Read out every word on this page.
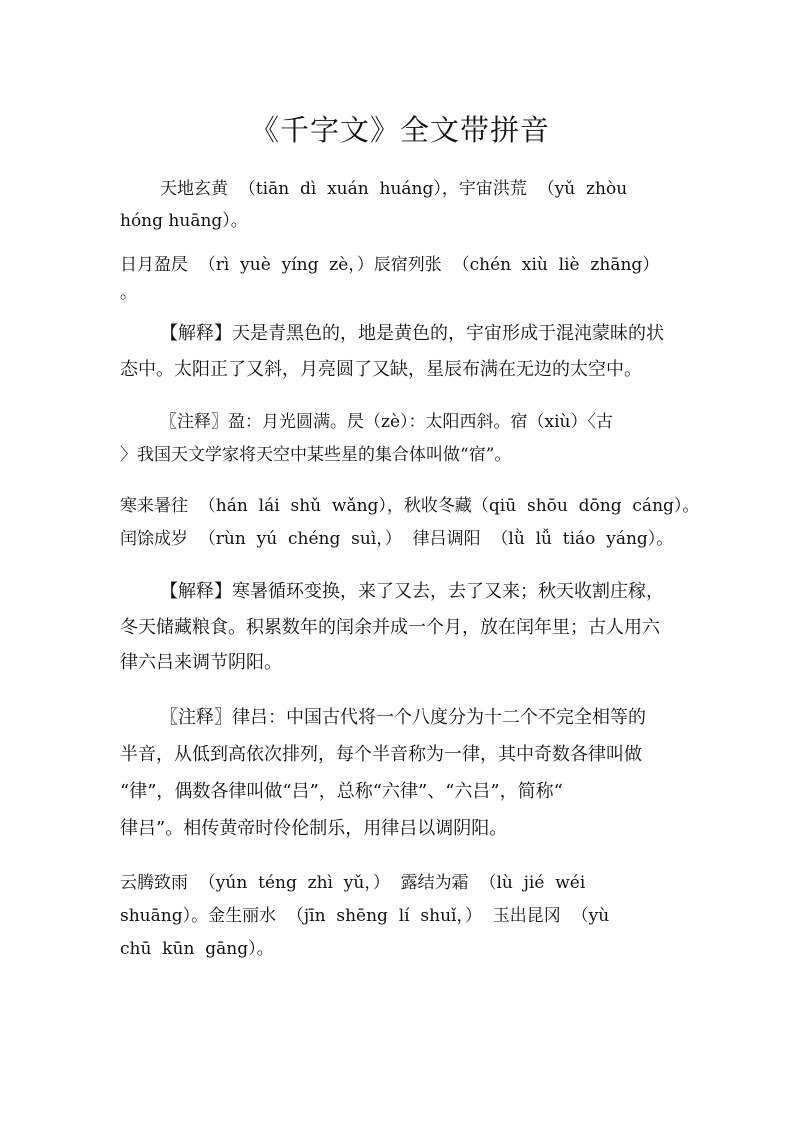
《千字文》全文带拼音
天地玄黄  （tiān  dì  xuán  huáng），宇宙洪荒  （yǔ  zhòu
hóng huāng）。
日月盈昃  （rì  yuè  yíng  zè，）辰宿列张  （chén  xiù  liè  zhāng）
。
【解释】天是青黑色的，地是黄色的，宇宙形成于混沌蒙昧的状
态中。太阳正了又斜，月亮圆了又缺，星辰布满在无边的太空中。
〖注释〗盈：月光圆满。昃（zè）：太阳西斜。宿（xiù）〈古
〉我国天文学家将天空中某些星的集合体叫做“宿”。
寒来暑往  （hán  lái  shǔ  wǎng），秋收冬藏（qiū  shōu  dōng  cáng）。
闰馀成岁  （rùn  yú  chéng  suì，）  律吕调阳  （lǜ  lǚ  tiáo  yáng）。
【解释】寒暑循环变换，来了又去，去了又来；秋天收割庄稼，
冬天储藏粮食。积累数年的闰余并成一个月，放在闰年里；古人用六
律六吕来调节阴阳。
〖注释〗律吕：中国古代将一个八度分为十二个不完全相等的
半音，从低到高依次排列，每个半音称为一律，其中奇数各律叫做
“律”，偶数各律叫做“吕”，总称“六律”、“六吕”，简称“
律吕”。相传黄帝时伶伦制乐，用律吕以调阴阳。
云腾致雨  （yún  téng  zhì  yǔ，）  露结为霜  （lù  jié  wéi
shuāng）。金生丽水  （jīn  shēng  lí  shuǐ，）  玉出昆冈  （yù
chū  kūn  gāng）。
